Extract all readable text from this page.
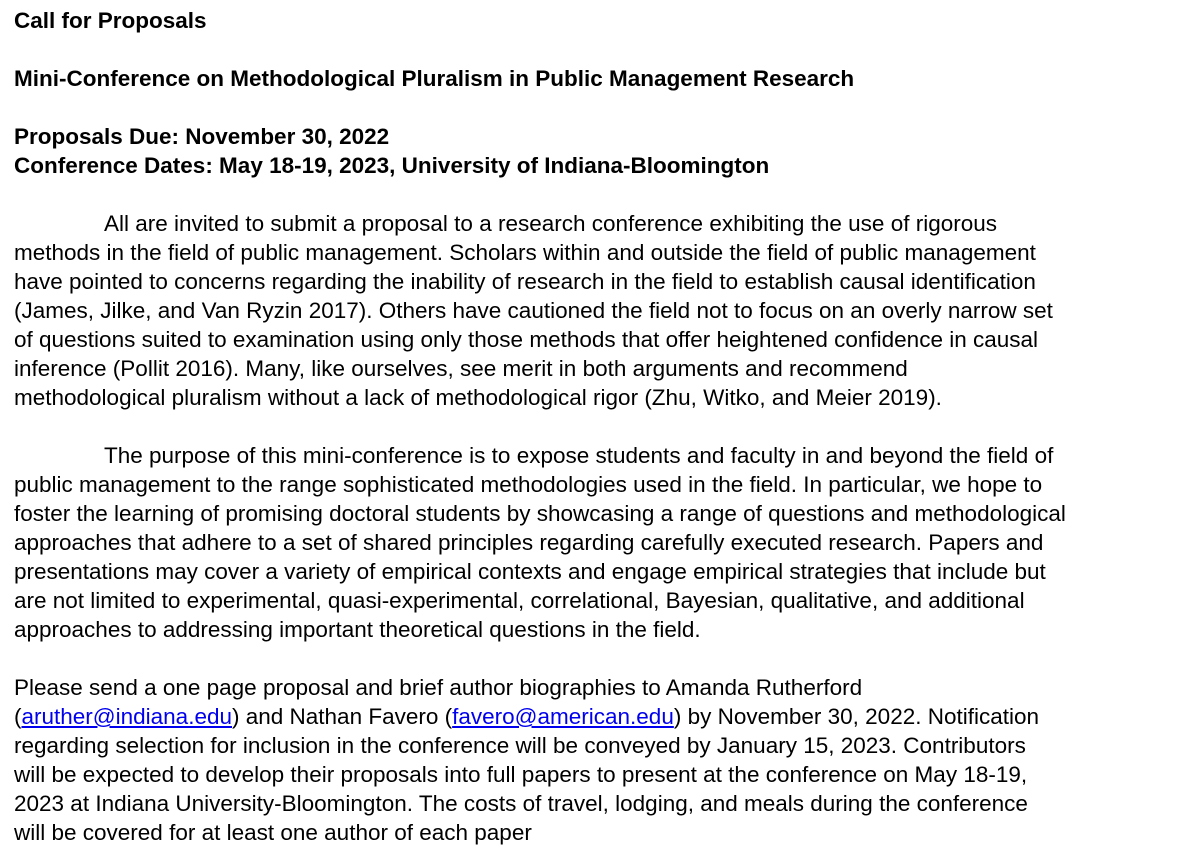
Call for Proposals

Mini-Conference on Methodological Pluralism in Public Management Research

Proposals Due: November 30, 2022

Conference Dates: May 18-19, 2023, University of Indiana-Bloomington

All are invited to submit a proposal to a research conference exhibiting the use of rigorous
methods in the field of public management. Scholars within and outside the field of public management
have pointed to concerns regarding the inability of research in the field to establish causal identification
(James, Jilke, and Van Ryzin 2017). Others have cautioned the field not to focus on an overly narrow set
of questions suited to examination using only those methods that offer heightened confidence in causal
inference (Pollit 2016). Many, like ourselves, see merit in both arguments and recommend
methodological pluralism without a lack of methodological rigor (Zhu, Witko, and Meier 2019).

The purpose of this mini-conference is to expose students and faculty in and beyond the field of
public management to the range sophisticated methodologies used in the field. In particular, we hope to
foster the learning of promising doctoral students by showcasing a range of questions and methodological
approaches that adhere to a set of shared principles regarding carefully executed research. Papers and
presentations may cover a variety of empirical contexts and engage empirical strategies that include but
are not limited to experimental, quasi-experimental, correlational, Bayesian, qualitative, and additional
approaches to addressing important theoretical questions in the field.

Please send a one page proposal and brief author biographies to Amanda Rutherford
(aruther@indiana.edu) and Nathan Favero (favero@american.edu) by November 30, 2022. Notification
regarding selection for inclusion in the conference will be conveyed by January 15, 2023. Contributors
will be expected to develop their proposals into full papers to present at the conference on May 18-19,
2023 at Indiana University-Bloomington. The costs of travel, lodging, and meals during the conference
will be covered for at least one author of each paper
